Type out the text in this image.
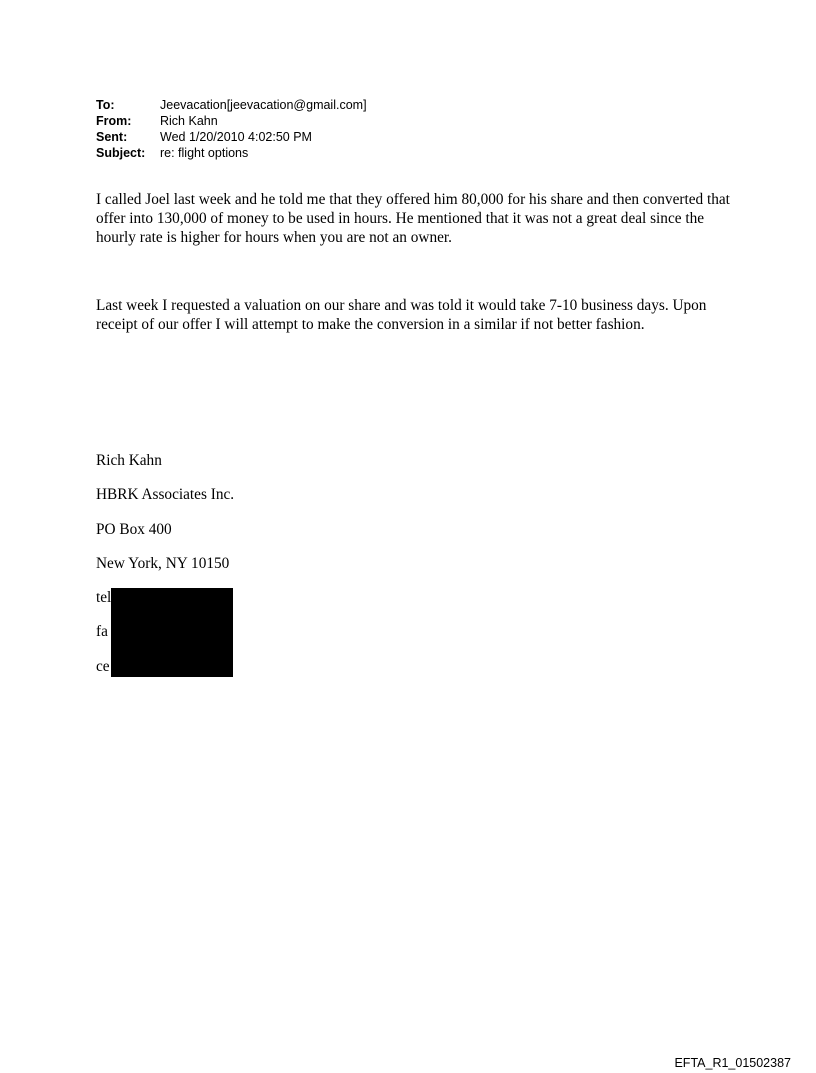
To:	Jeevacation[jeevacation@gmail.com]
From:	Rich Kahn
Sent:	Wed 1/20/2010 4:02:50 PM
Subject:	re: flight options
I called Joel last week and he told me that they offered him 80,000 for his share and then converted that offer into 130,000 of money to be used in hours. He mentioned that it was not a great deal since the hourly rate is higher for hours when you are not an owner.
Last week I requested a valuation on our share and was told it would take 7-10 business days. Upon receipt of our offer I will attempt to make the conversion in a similar if not better fashion.
Rich Kahn
HBRK Associates Inc.
PO Box 400
New York, NY 10150
tel
fa
ce
EFTA_R1_01502387
